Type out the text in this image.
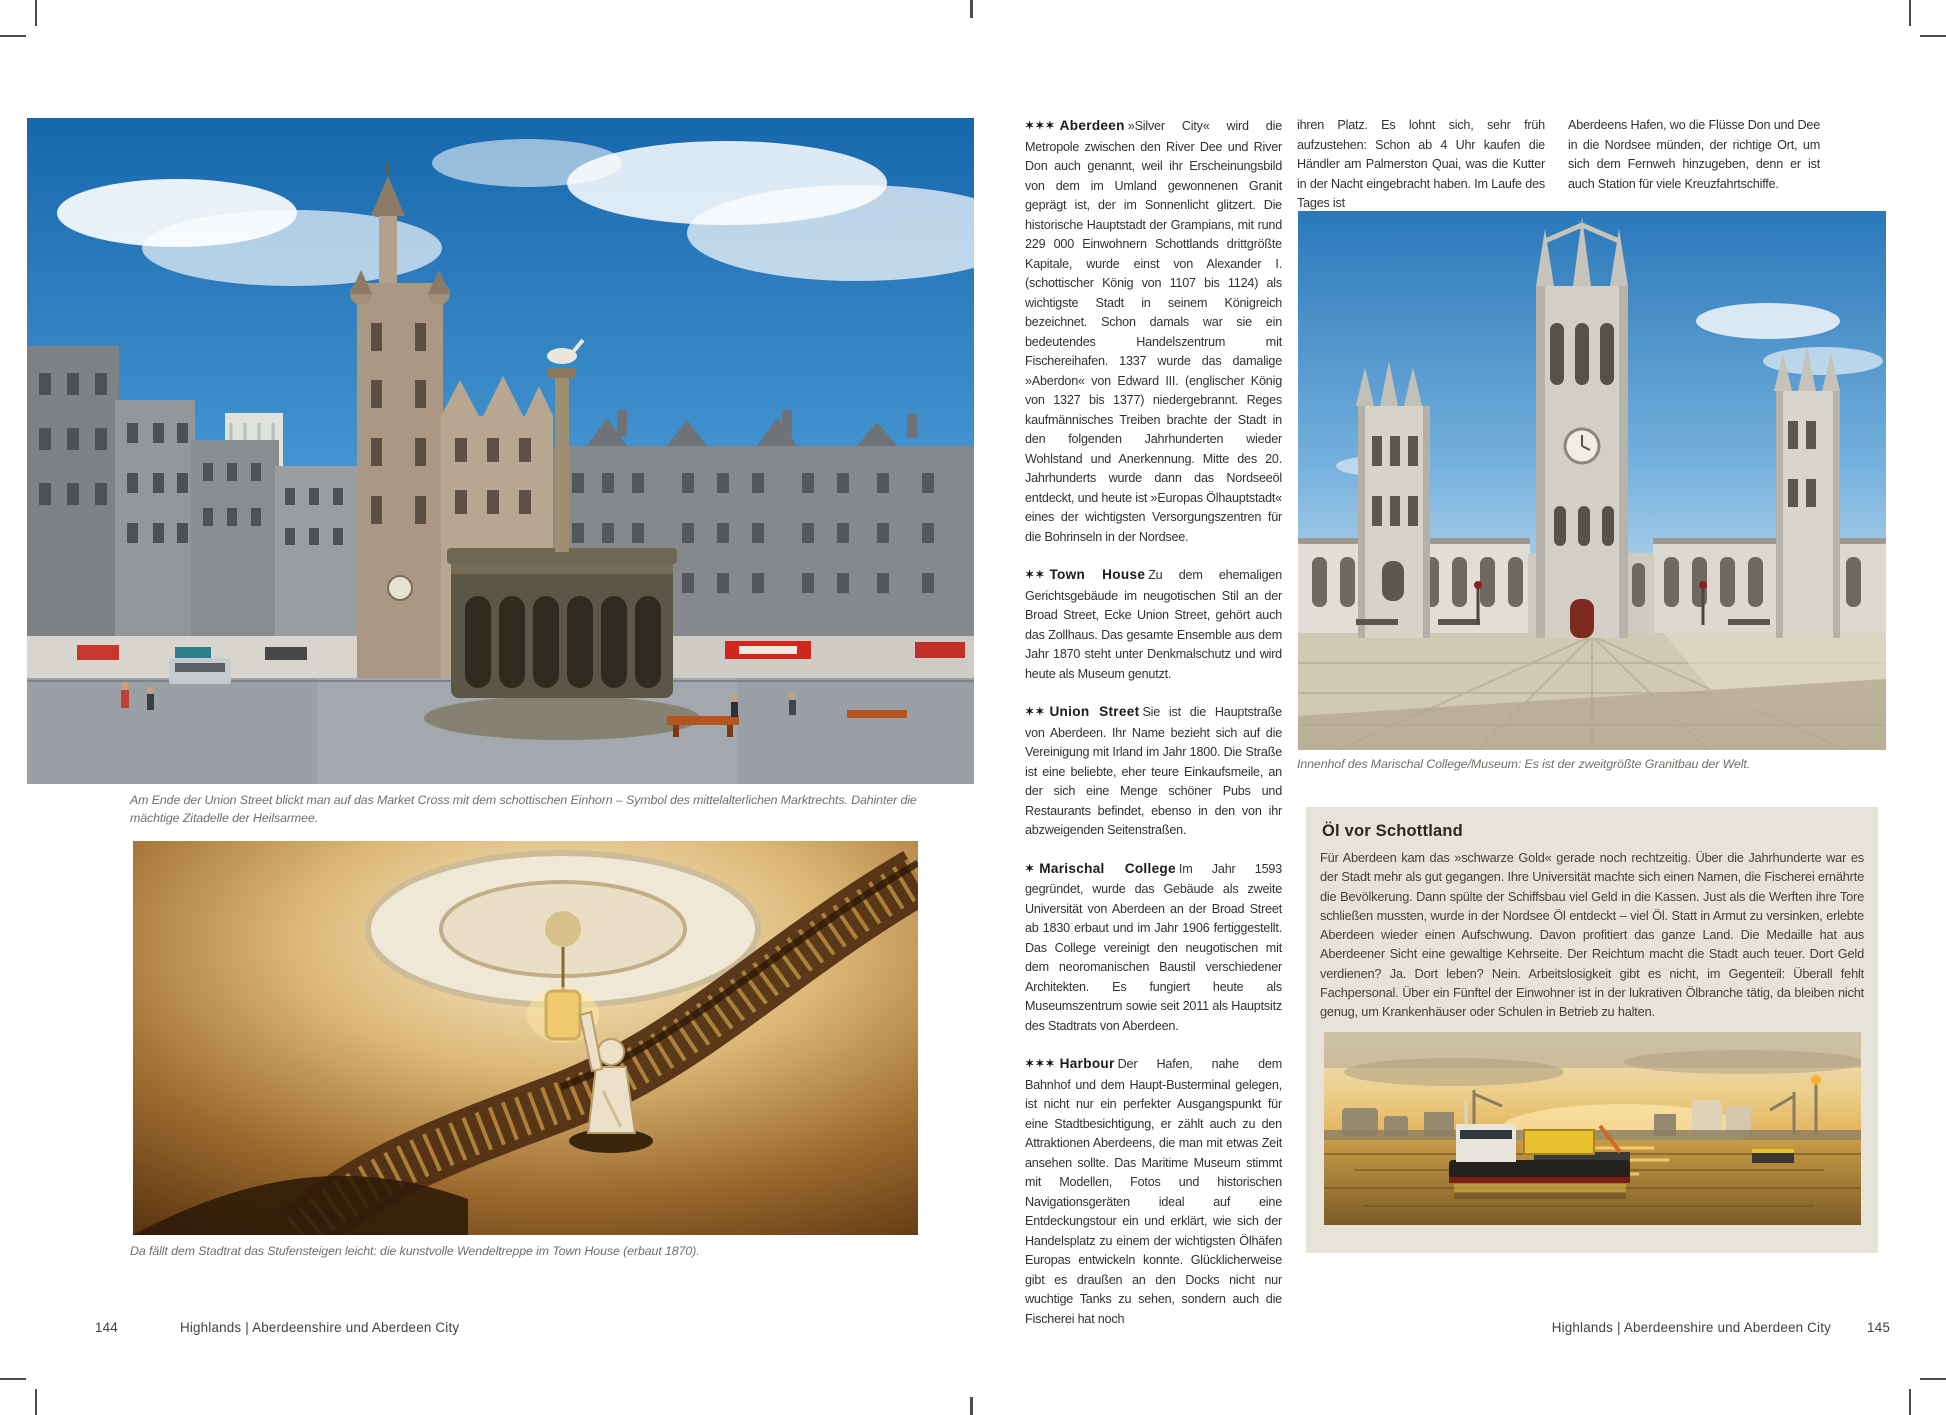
Am Ende der Union Street blickt man auf das Market Cross mit dem schottischen Einhorn – Symbol des mittelalterlichen Marktrechts. Dahinter die mächtige Zitadelle der Heilsarmee.
Da fällt dem Stadtrat das Stufensteigen leicht: die kunstvolle Wendeltreppe im Town House (erbaut 1870).
144	Highlands | Aberdeenshire und Aberdeen City

✶✶✶ Aberdeen »Silver City« wird die Metropole zwischen den River Dee und River Don auch genannt, weil ihr Erscheinungsbild von dem im Umland gewonnenen Granit geprägt ist, der im Sonnenlicht glitzert. Die historische Hauptstadt der Grampians, mit rund 229 000 Einwohnern Schottlands drittgrößte Kapitale, wurde einst von Alexander I. (schottischer König von 1107 bis 1124) als wichtigste Stadt in seinem Königreich bezeichnet. Schon damals war sie ein bedeutendes Handelszentrum mit Fischereihafen. 1337 wurde das damalige »Aberdon« von Edward III. (englischer König von 1327 bis 1377) niedergebrannt. Reges kaufmännisches Treiben brachte der Stadt in den folgenden Jahrhunderten wieder Wohlstand und Anerkennung. Mitte des 20. Jahrhunderts wurde dann das Nordseeöl entdeckt, und heute ist »Europas Ölhauptstadt« eines der wichtigsten Versorgungszentren für die Bohrinseln in der Nordsee.

✶✶ Town House Zu dem ehemaligen Gerichtsgebäude im neugotischen Stil an der Broad Street, Ecke Union Street, gehört auch das Zollhaus. Das gesamte Ensemble aus dem Jahr 1870 steht unter Denkmalschutz und wird heute als Museum genutzt.

✶✶ Union Street Sie ist die Hauptstraße von Aberdeen. Ihr Name bezieht sich auf die Vereinigung mit Irland im Jahr 1800. Die Straße ist eine beliebte, eher teure Einkaufsmeile, an der sich eine Menge schöner Pubs und Restaurants befindet, ebenso in den von ihr abzweigenden Seitenstraßen.

✶ Marischal College Im Jahr 1593 gegründet, wurde das Gebäude als zweite Universität von Aberdeen an der Broad Street ab 1830 erbaut und im Jahr 1906 fertiggestellt. Das College vereinigt den neugotischen mit dem neoromanischen Baustil verschiedener Architekten. Es fungiert heute als Museumszentrum sowie seit 2011 als Hauptsitz des Stadtrats von Aberdeen.

✶✶✶ Harbour Der Hafen, nahe dem Bahnhof und dem Haupt-Busterminal gelegen, ist nicht nur ein perfekter Ausgangspunkt für eine Stadtbesichtigung, er zählt auch zu den Attraktionen Aberdeens, die man mit etwas Zeit ansehen sollte. Das Maritime Museum stimmt mit Modellen, Fotos und historischen Navigationsgeräten ideal auf eine Entdeckungstour ein und erklärt, wie sich der Handelsplatz zu einem der wichtigsten Ölhäfen Europas entwickeln konnte. Glücklicherweise gibt es draußen an den Docks nicht nur wuchtige Tanks zu sehen, sondern auch die Fischerei hat noch

ihren Platz. Es lohnt sich, sehr früh aufzustehen: Schon ab 4 Uhr kaufen die Händler am Palmerston Quai, was die Kutter in der Nacht eingebracht haben. Im Laufe des Tages ist

Aberdeens Hafen, wo die Flüsse Don und Dee in die Nordsee münden, der richtige Ort, um sich dem Fernweh hinzugeben, denn er ist auch Station für viele Kreuzfahrtschiffe.

Innenhof des Marischal College/Museum: Es ist der zweitgrößte Granitbau der Welt.
Öl vor Schottland
Für Aberdeen kam das »schwarze Gold« gerade noch rechtzeitig. Über die Jahrhunderte war es der Stadt mehr als gut gegangen. Ihre Universität machte sich einen Namen, die Fischerei ernährte die Bevölkerung. Dann spülte der Schiffsbau viel Geld in die Kassen. Just als die Werften ihre Tore schließen mussten, wurde in der Nordsee Öl entdeckt – viel Öl. Statt in Armut zu versinken, erlebte Aberdeen wieder einen Aufschwung. Davon profitiert das ganze Land. Die Medaille hat aus Aberdeener Sicht eine gewaltige Kehrseite. Der Reichtum macht die Stadt auch teuer. Dort Geld verdienen? Ja. Dort leben? Nein. Arbeitslosigkeit gibt es nicht, im Gegenteil: Überall fehlt Fachpersonal. Über ein Fünftel der Einwohner ist in der lukrativen Ölbranche tätig, da bleiben nicht genug, um Krankenhäuser oder Schulen in Betrieb zu halten.
Highlands | Aberdeenshire und Aberdeen City	145
